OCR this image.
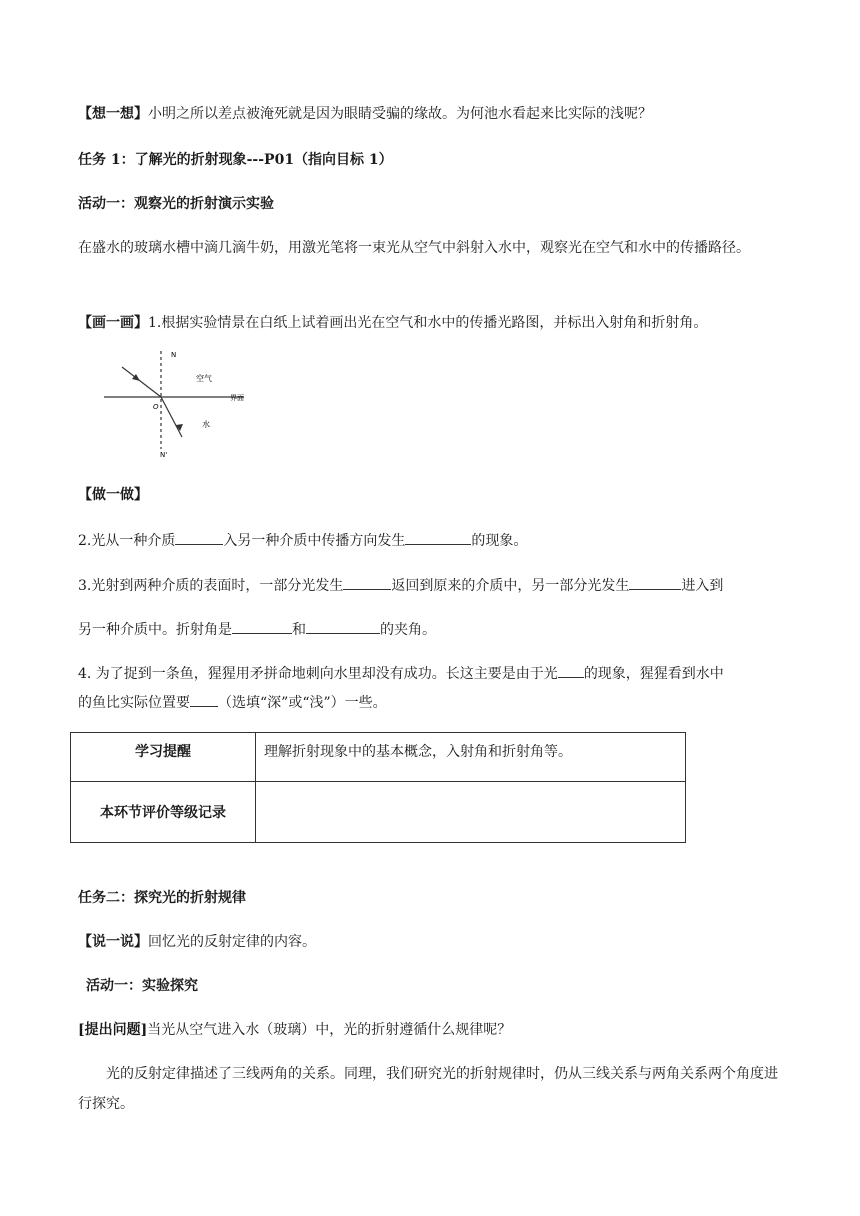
【想一想】小明之所以差点被淹死就是因为眼睛受骗的缘故。为何池水看起来比实际的浅呢？
任务 1：了解光的折射现象---P01（指向目标 1）
活动一：观察光的折射演示实验
在盛水的玻璃水槽中滴几滴牛奶，用激光笔将一束光从空气中斜射入水中，观察光在空气和水中的传播路径。
【画一画】1.根据实验情景在白纸上试着画出光在空气和水中的传播光路图，并标出入射角和折射角。
N
空气
界面
O
水
N'
【做一做】
2.光从一种介质	入另一种介质中传播方向发生	的现象。
3.光射到两种介质的表面时，一部分光发生	返回到原来的介质中，另一部分光发生	进入到
另一种介质中。折射角是	和	的夹角。
4. 为了捉到一条鱼，猩猩用矛拼命地刺向水里却没有成功。长这主要是由于光 的现象，猩猩看到水中
的鱼比实际位置要 （选填“深”或“浅”）一些。
学习提醒	理解折射现象中的基本概念，入射角和折射角等。
本环节评价等级记录	
任务二：探究光的折射规律
【说一说】回忆光的反射定律的内容。
活动一：实验探究
[提出问题]当光从空气进入水（玻璃）中，光的折射遵循什么规律呢？
光的反射定律描述了三线两角的关系。同理，我们研究光的折射规律时，仍从三线关系与两角关系两个角度进行探究。
